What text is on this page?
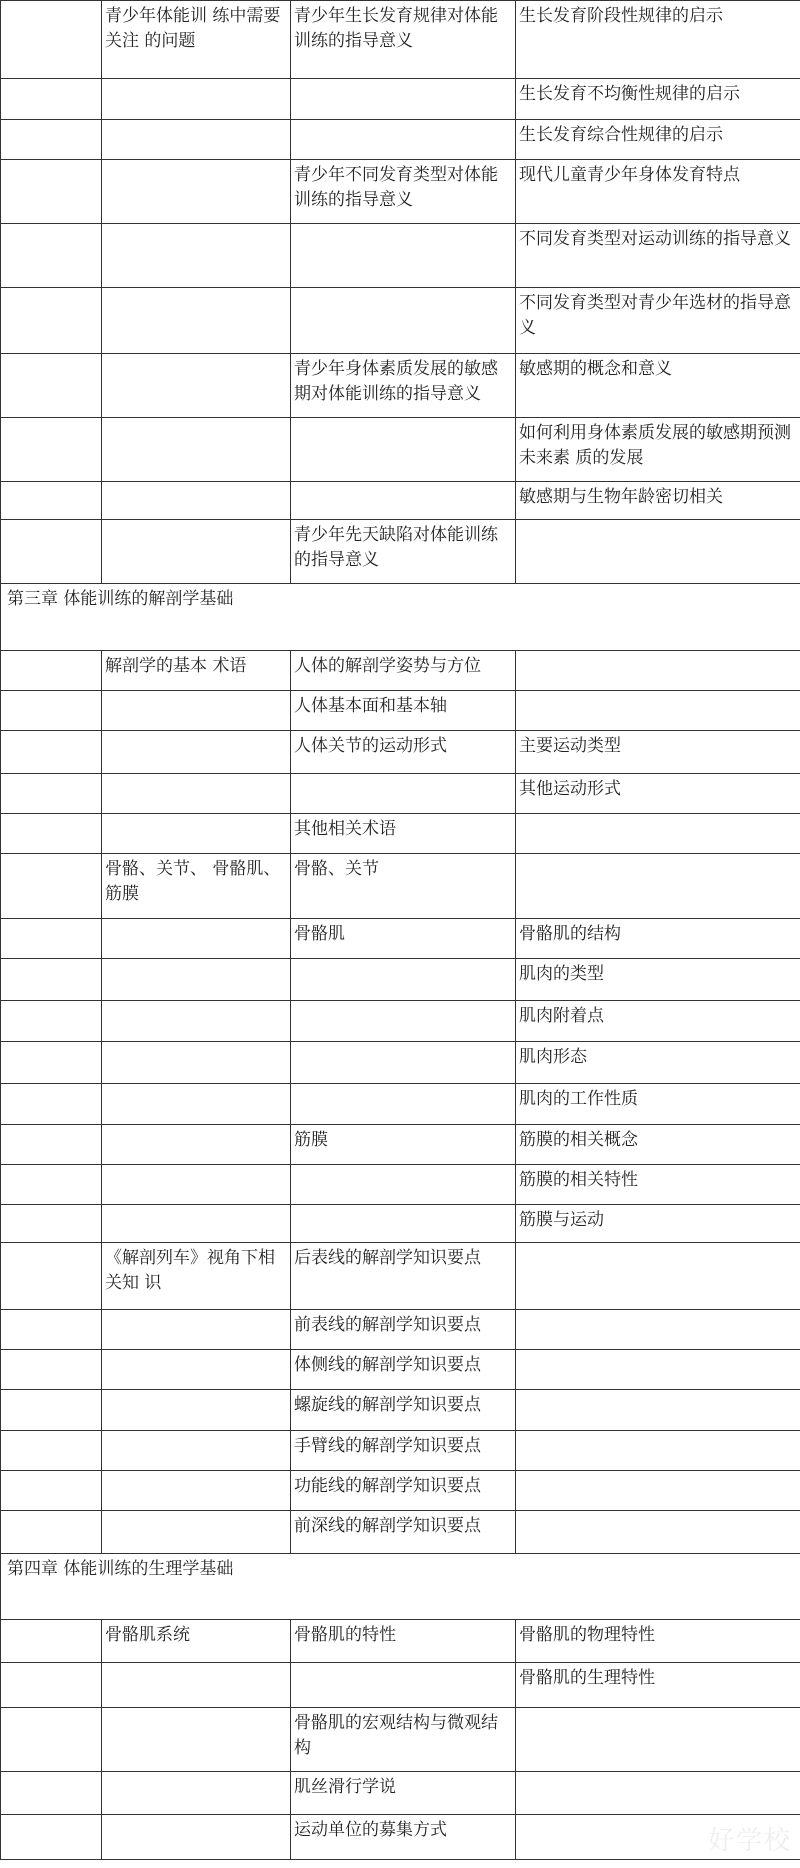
	青少年体能训 练中需要关注 的问题	青少年生长发育规律对体能训练的指导意义	生长发育阶段性规律的启示
			生长发育不均衡性规律的启示
			生长发育综合性规律的启示
		青少年不同发育类型对体能训练的指导意义	现代儿童青少年身体发育特点
			不同发育类型对运动训练的指导意义
			不同发育类型对青少年选材的指导意义
		青少年身体素质发展的敏感期对体能训练的指导意义	敏感期的概念和意义
			如何利用身体素质发展的敏感期预测未来素 质的发展
			敏感期与生物年龄密切相关
		青少年先天缺陷对体能训练的指导意义	
第三章 体能训练的解剖学基础			
	解剖学的基本 术语	人体的解剖学姿势与方位	
		人体基本面和基本轴	
		人体关节的运动形式	主要运动类型
			其他运动形式
		其他相关术语	
	骨骼、关节、 骨骼肌、筋膜	骨骼、关节	
		骨骼肌	骨骼肌的结构
			肌肉的类型
			肌肉附着点
			肌肉形态
			肌肉的工作性质
		筋膜	筋膜的相关概念
			筋膜的相关特性
			筋膜与运动
	《解剖列车》视角下相关知 识	后表线的解剖学知识要点	
		前表线的解剖学知识要点	
		体侧线的解剖学知识要点	
		螺旋线的解剖学知识要点	
		手臂线的解剖学知识要点	
		功能线的解剖学知识要点	
		前深线的解剖学知识要点	
第四章 体能训练的生理学基础			
	骨骼肌系统	骨骼肌的特性	骨骼肌的物理特性
			骨骼肌的生理特性
		骨骼肌的宏观结构与微观结构	
		肌丝滑行学说	
		运动单位的募集方式		好学校
